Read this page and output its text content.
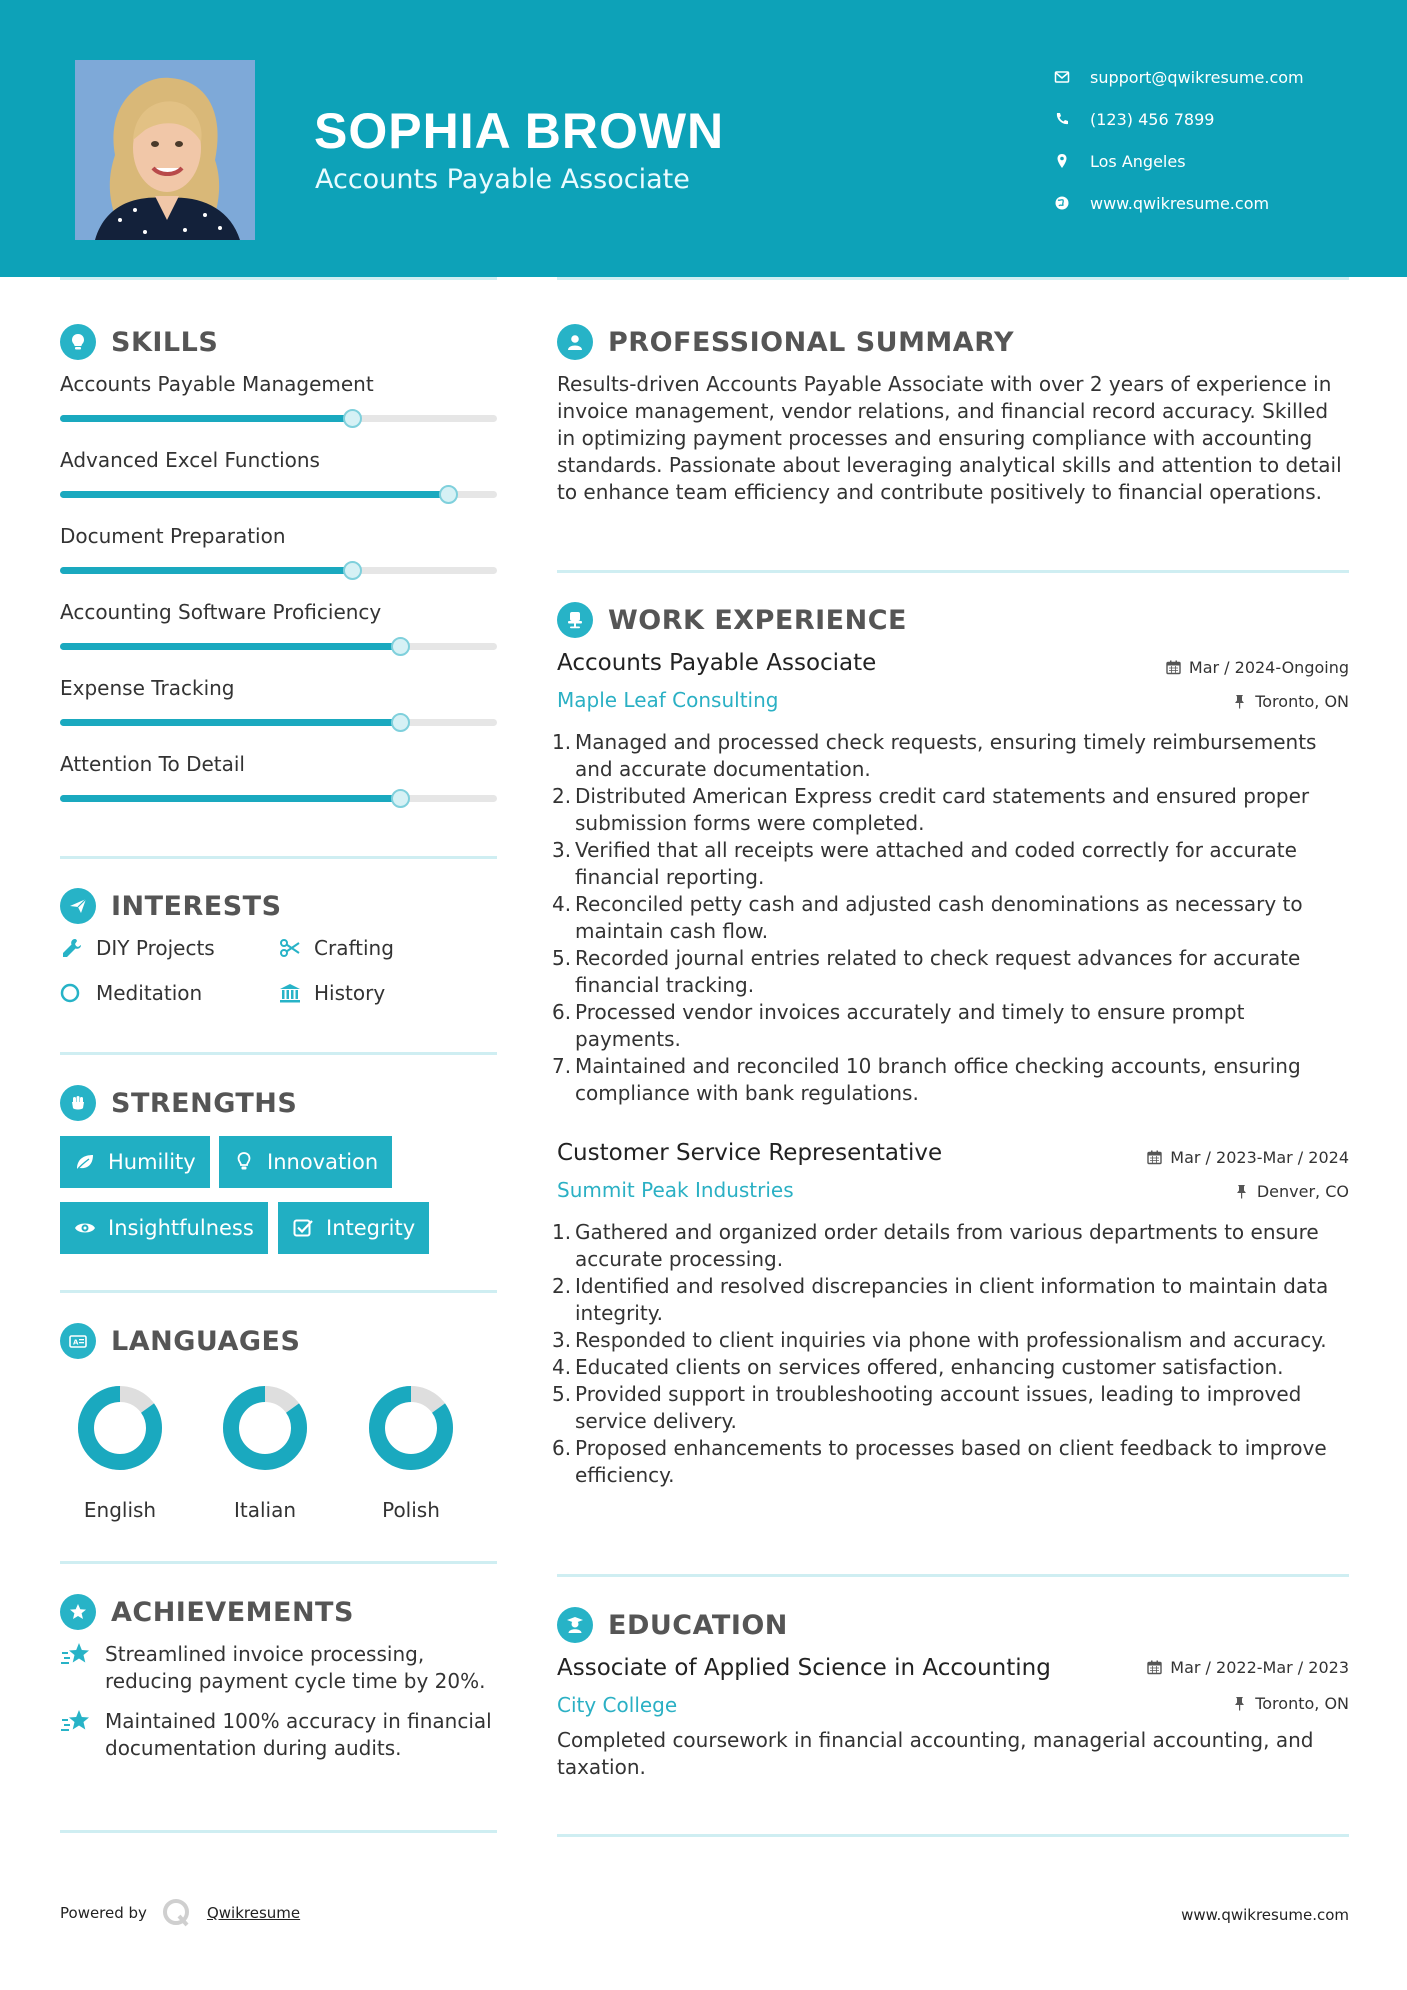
SOPHIA BROWN
Accounts Payable Associate
support@qwikresume.com
(123) 456 7899
Los Angeles
www.qwikresume.com
SKILLS
Accounts Payable Management
Advanced Excel Functions
Document Preparation
Accounting Software Proficiency
Expense Tracking
Attention To Detail
INTERESTS
DIY Projects	Crafting
Meditation	History
STRENGTHS
Humility	Innovation
Insightfulness	Integrity
A LANGUAGES
English	Italian	Polish
ACHIEVEMENTS
Streamlined invoice processing, reducing payment cycle time by 20%.
Maintained 100% accuracy in financial documentation during audits.
PROFESSIONAL SUMMARY
Results-driven Accounts Payable Associate with over 2 years of experience in invoice management, vendor relations, and financial record accuracy. Skilled in optimizing payment processes and ensuring compliance with accounting standards. Passionate about leveraging analytical skills and attention to detail to enhance team efficiency and contribute positively to financial operations.
WORK EXPERIENCE
Accounts Payable Associate	Mar / 2024-Ongoing
Maple Leaf Consulting	Toronto, ON
1. Managed and processed check requests, ensuring timely reimbursements and accurate documentation.
2. Distributed American Express credit card statements and ensured proper submission forms were completed.
3. Verified that all receipts were attached and coded correctly for accurate financial reporting.
4. Reconciled petty cash and adjusted cash denominations as necessary to maintain cash flow.
5. Recorded journal entries related to check request advances for accurate financial tracking.
6. Processed vendor invoices accurately and timely to ensure prompt payments.
7. Maintained and reconciled 10 branch office checking accounts, ensuring compliance with bank regulations.
Customer Service Representative	Mar / 2023-Mar / 2024
Summit Peak Industries	Denver, CO
1. Gathered and organized order details from various departments to ensure accurate processing.
2. Identified and resolved discrepancies in client information to maintain data integrity.
3. Responded to client inquiries via phone with professionalism and accuracy.
4. Educated clients on services offered, enhancing customer satisfaction.
5. Provided support in troubleshooting account issues, leading to improved service delivery.
6. Proposed enhancements to processes based on client feedback to improve efficiency.
EDUCATION
Associate of Applied Science in Accounting	Mar / 2022-Mar / 2023
City College	Toronto, ON
Completed coursework in financial accounting, managerial accounting, and taxation.
Powered by	Qwikresume	www.qwikresume.com
